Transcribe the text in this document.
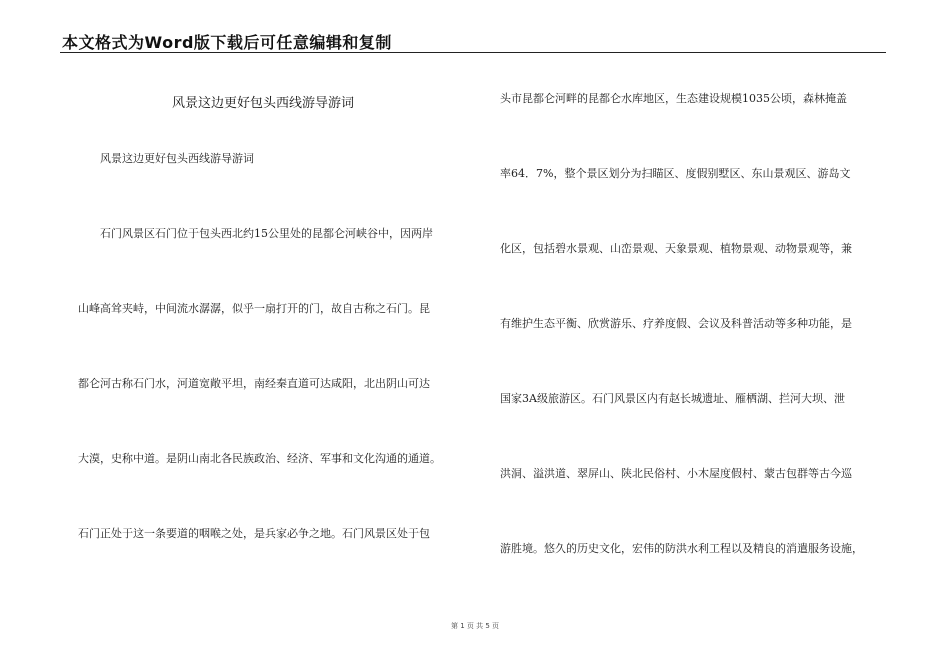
本文格式为Word版下载后可任意编辑和复制
风景这边更好包头西线游导游词
风景这边更好包头西线游导游词
石门风景区石门位于包头西北约15公里处的昆都仑河峡谷中，因两岸
山峰高耸夹峙，中间流水潺潺，似乎一扇打开的门，故自古称之石门。昆
都仑河古称石门水，河道宽敞平坦，南经秦直道可达咸阳，北出阴山可达
大漠，史称中道。是阴山南北各民族政治、经济、军事和文化沟通的通道。
石门正处于这一条要道的咽喉之处，是兵家必争之地。石门风景区处于包
头市昆都仑河畔的昆都仑水库地区，生态建设规模1035公顷，森林掩盖
率64．7%，整个景区划分为扫瞄区、度假别墅区、东山景观区、游岛文
化区，包括碧水景观、山峦景观、天象景观、植物景观、动物景观等，兼
有维护生态平衡、欣赏游乐、疗养度假、会议及科普活动等多种功能，是
国家3A级旅游区。石门风景区内有赵长城遗址、雁栖湖、拦河大坝、泄
洪洞、溢洪道、翠屏山、陕北民俗村、小木屋度假村、蒙古包群等古今巡
游胜境。悠久的历史文化，宏伟的防洪水利工程以及精良的消遣服务设施，
第 1 页 共 5 页
